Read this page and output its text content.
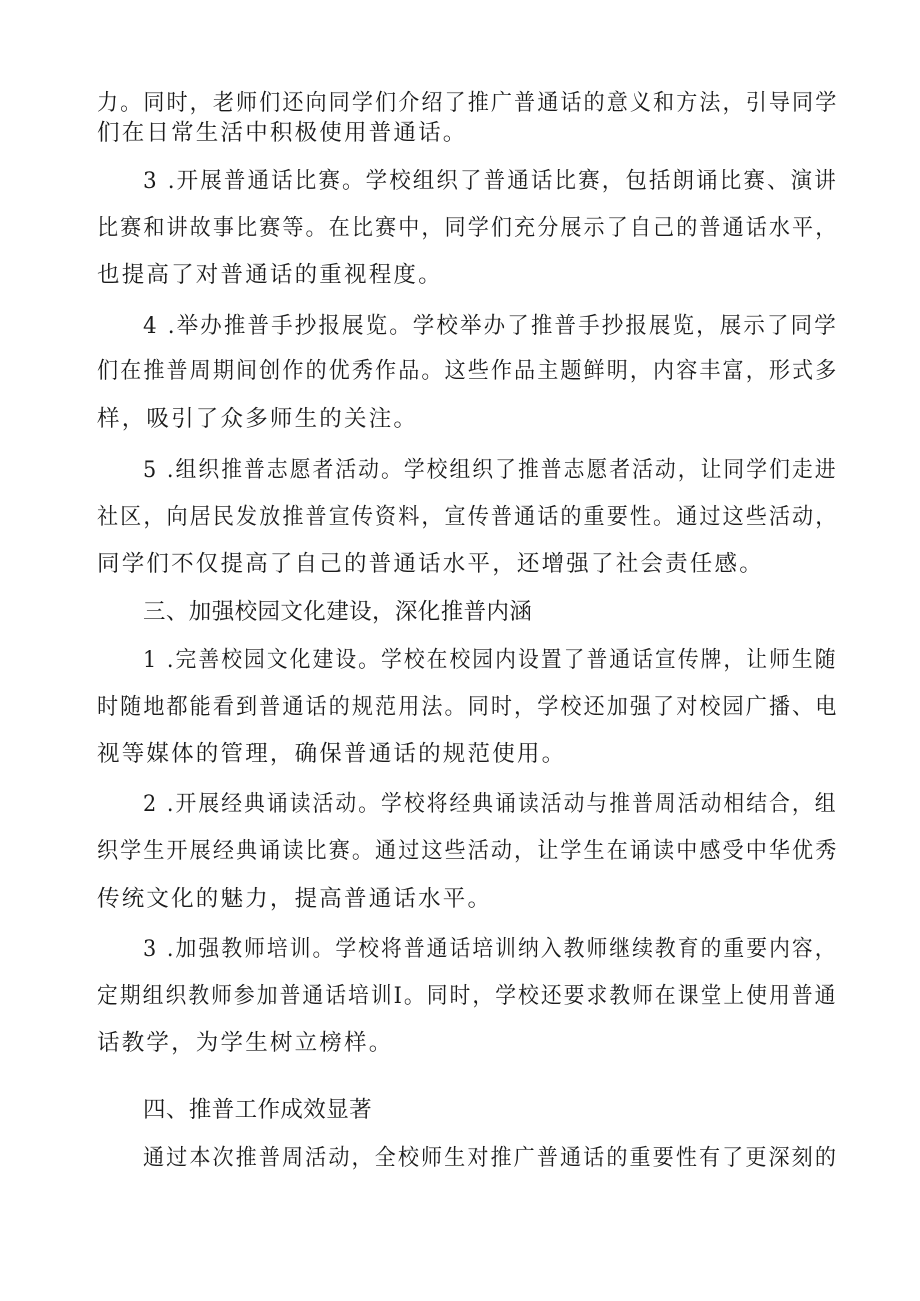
力。同时，老师们还向同学们介绍了推广普通话的意义和方法，引导同学
们在日常生活中积极使用普通话。
3 .开展普通话比赛。学校组织了普通话比赛，包括朗诵比赛、演讲
比赛和讲故事比赛等。在比赛中，同学们充分展示了自己的普通话水平，
也提高了对普通话的重视程度。
4 .举办推普手抄报展览。学校举办了推普手抄报展览，展示了同学
们在推普周期间创作的优秀作品。这些作品主题鲜明，内容丰富，形式多
样，吸引了众多师生的关注。
5 .组织推普志愿者活动。学校组织了推普志愿者活动，让同学们走进
社区，向居民发放推普宣传资料，宣传普通话的重要性。通过这些活动，
同学们不仅提高了自己的普通话水平，还增强了社会责任感。
三、加强校园文化建设，深化推普内涵
1 .完善校园文化建设。学校在校园内设置了普通话宣传牌，让师生随
时随地都能看到普通话的规范用法。同时，学校还加强了对校园广播、电
视等媒体的管理，确保普通话的规范使用。
2 .开展经典诵读活动。学校将经典诵读活动与推普周活动相结合，组
织学生开展经典诵读比赛。通过这些活动，让学生在诵读中感受中华优秀
传统文化的魅力，提高普通话水平。
3 .加强教师培训。学校将普通话培训纳入教师继续教育的重要内容，
定期组织教师参加普通话培训I。同时，学校还要求教师在课堂上使用普通
话教学，为学生树立榜样。
四、推普工作成效显著
通过本次推普周活动，全校师生对推广普通话的重要性有了更深刻的
